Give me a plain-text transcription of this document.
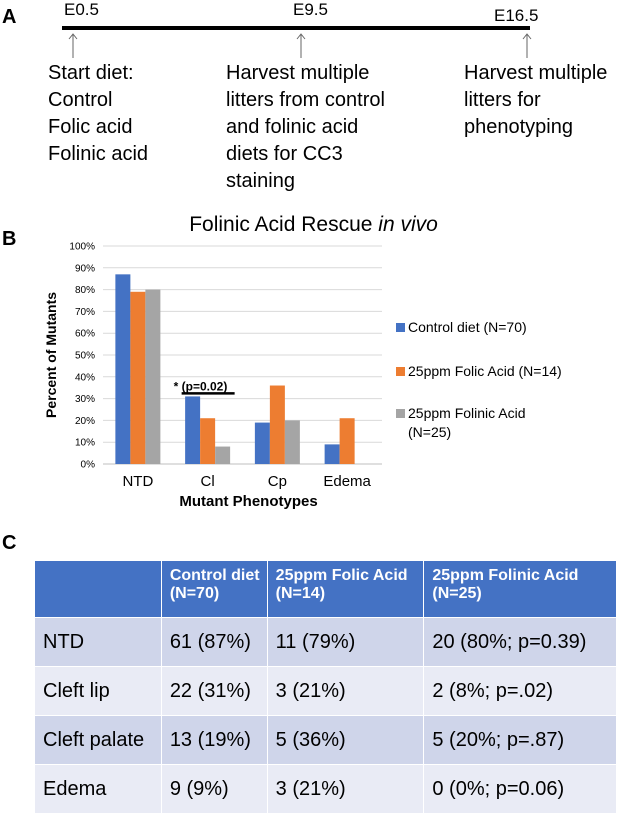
A
B
C
E0.5	E9.5	E16.5
Start diet:
Control
Folic acid
Folinic acid
Harvest multiple
litters from control
and folinic acid
diets for CC3
staining
Harvest multiple
litters for
phenotyping
Folinic Acid Rescue in vivo
0%
10%
20%
30%
40%
50%
60%
70%
80%
90%
100%
NTD	Cl	Cp Edema
* (p=0.02)
Mutant Phenotypes
Percent of Mutants	Control diet (N=70)
25ppm Folic Acid (N=14)
25ppm Folinic Acid (N=25)
	Control diet (N=70)	25ppm Folic Acid (N=14)	25ppm Folinic Acid (N=25)
NTD	61 (87%)	11 (79%)	20 (80%; p=0.39)
Cleft lip	22 (31%)	3 (21%)	2 (8%; p=.02)
Cleft palate	13 (19%)	5 (36%)	5 (20%; p=.87)
Edema	9 (9%)	3 (21%)	0 (0%; p=0.06)
